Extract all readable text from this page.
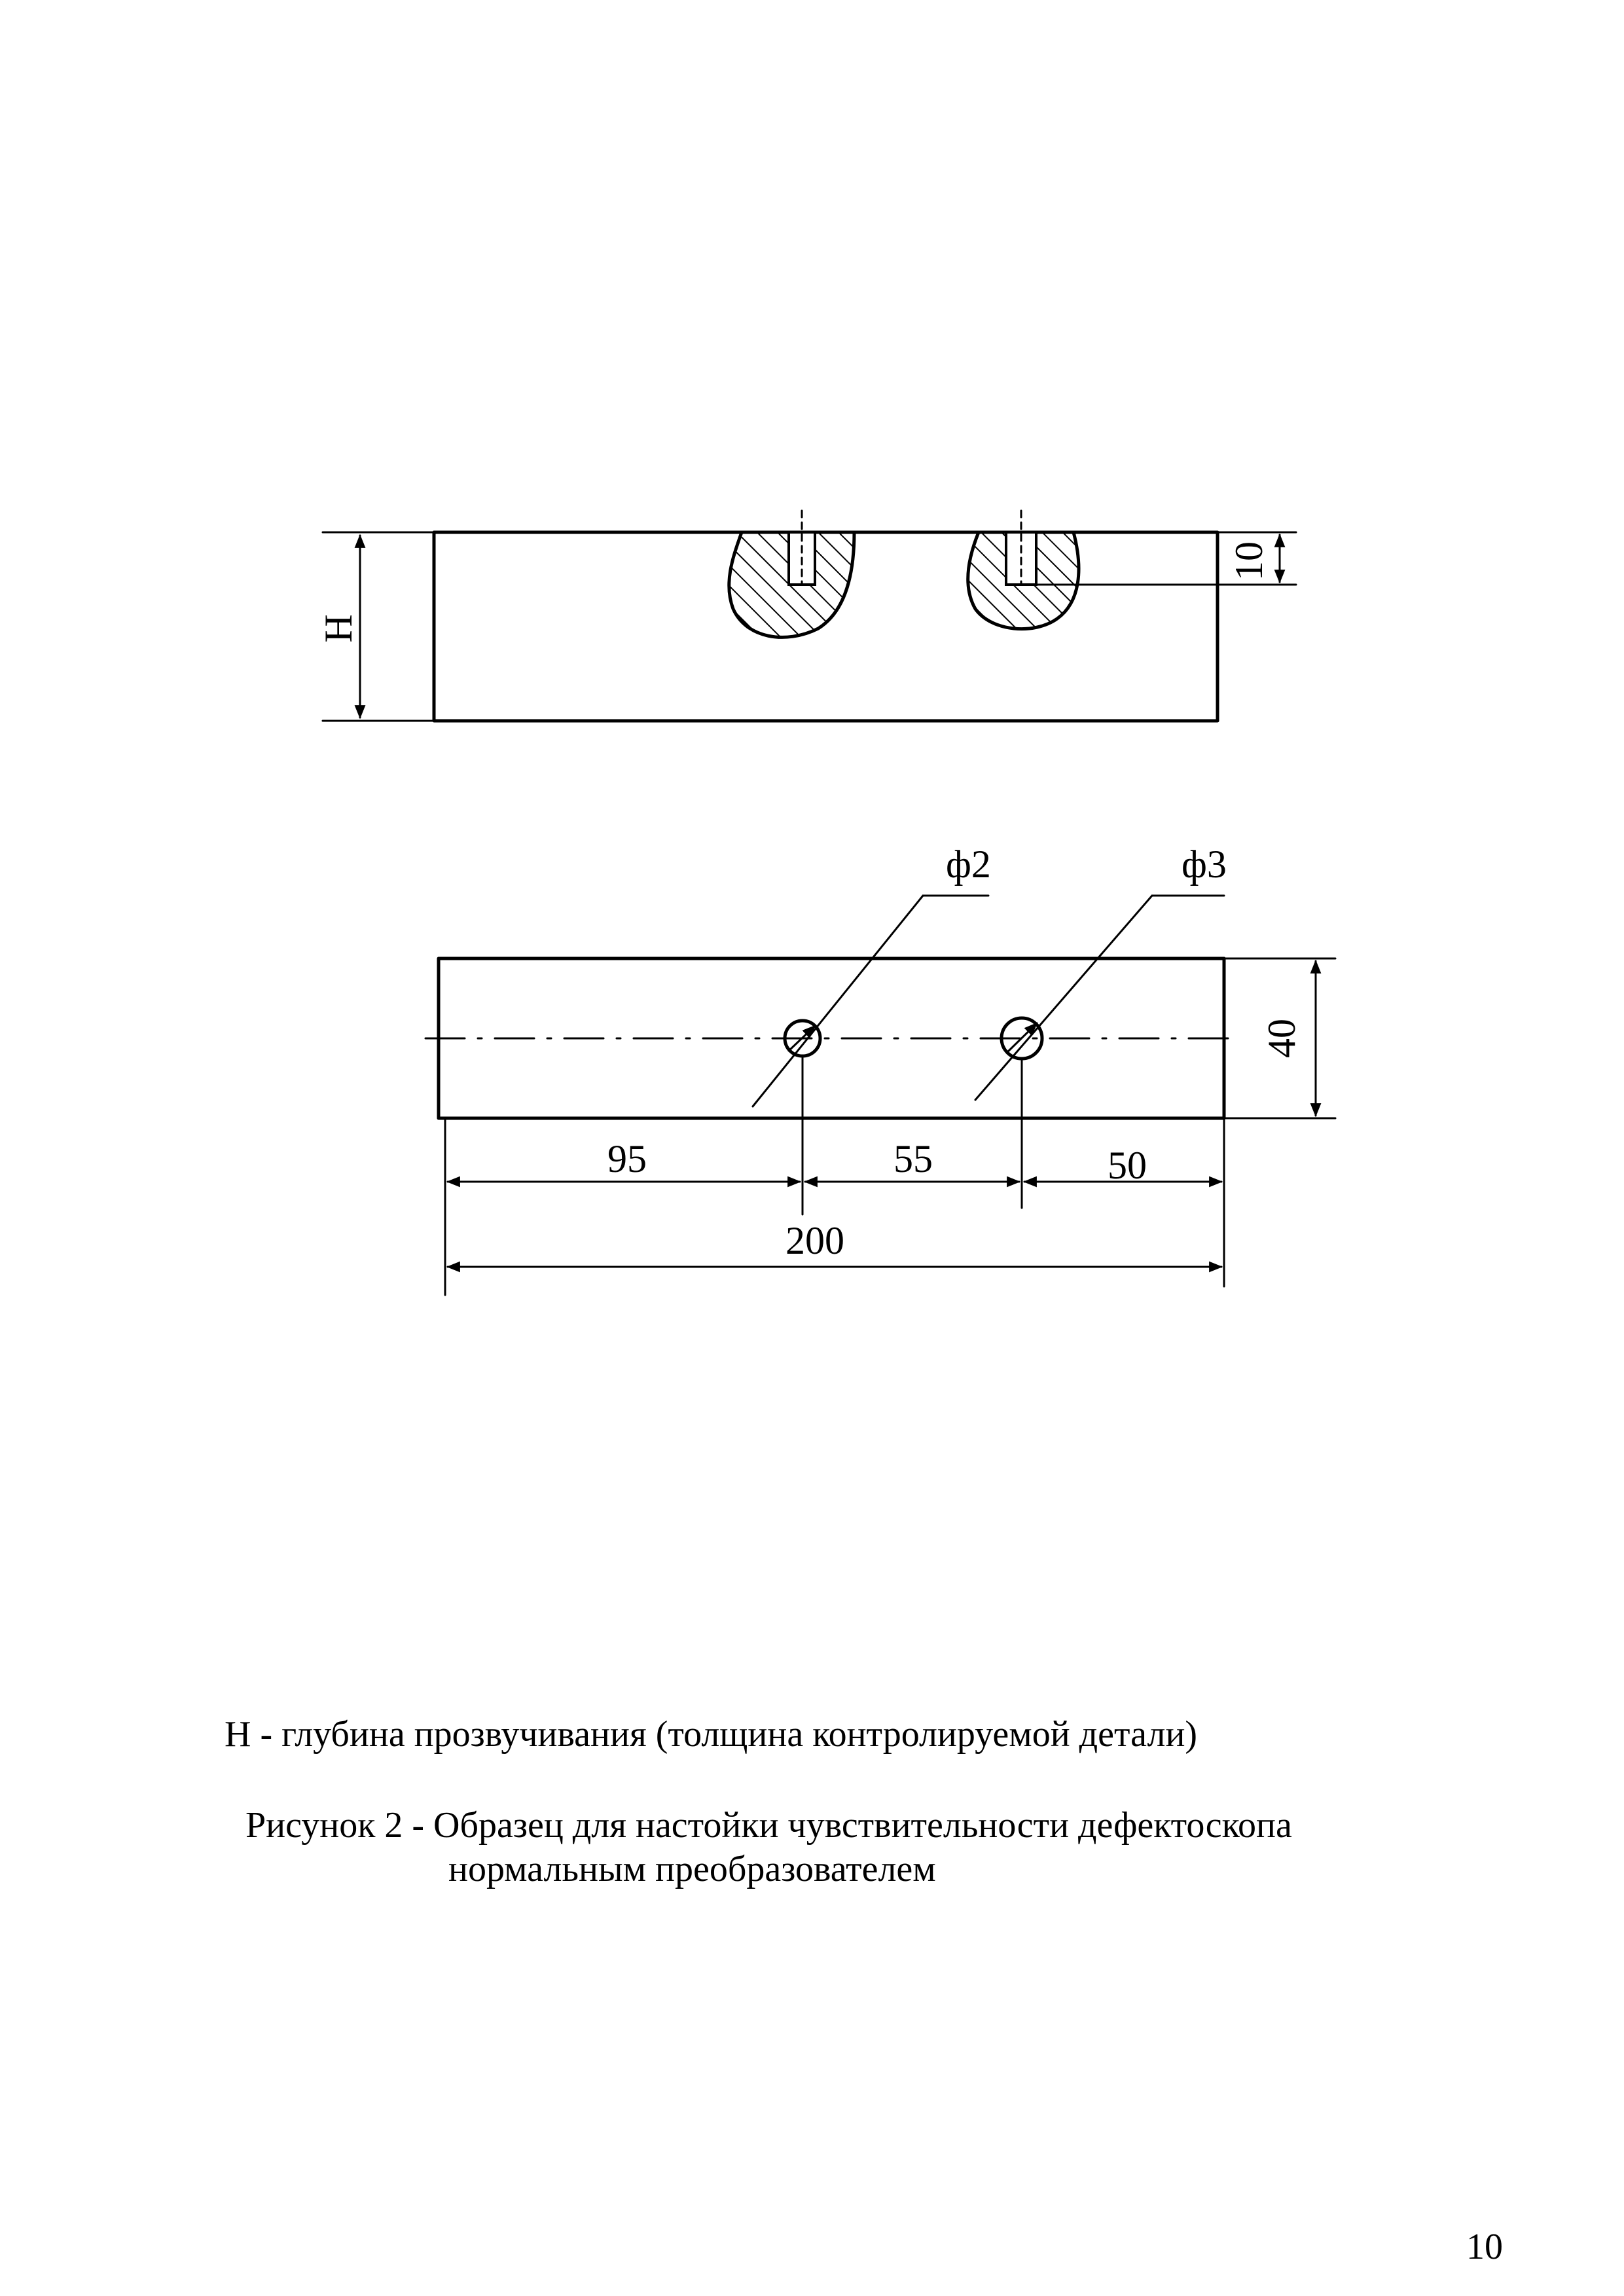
H
10
ф2	ф3
40
95	55	50
200
Н - глубина прозвучивания (толщина контролируемой детали)
Рисунок 2 - Образец для настойки чувствительности дефектоскопа
нормальным преобразователем
10
